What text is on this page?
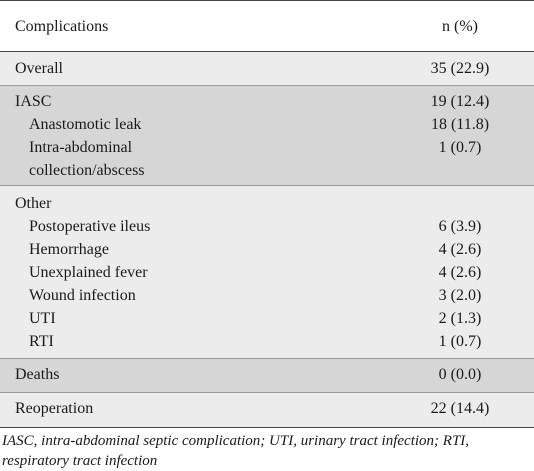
Complications	n (%)
Overall	35 (22.9)
IASC	19 (12.4)
Anastomotic leak	18 (11.8)
Intra-abdominal	1 (0.7)
collection/abscess
Other
Postoperative ileus	6 (3.9)
Hemorrhage	4 (2.6)
Unexplained fever	4 (2.6)
Wound infection	3 (2.0)
UTI	2 (1.3)
RTI	1 (0.7)
Deaths	0 (0.0)
Reoperation	22 (14.4)
IASC, intra-abdominal septic complication; UTI, urinary tract infection; RTI, respiratory tract infection
